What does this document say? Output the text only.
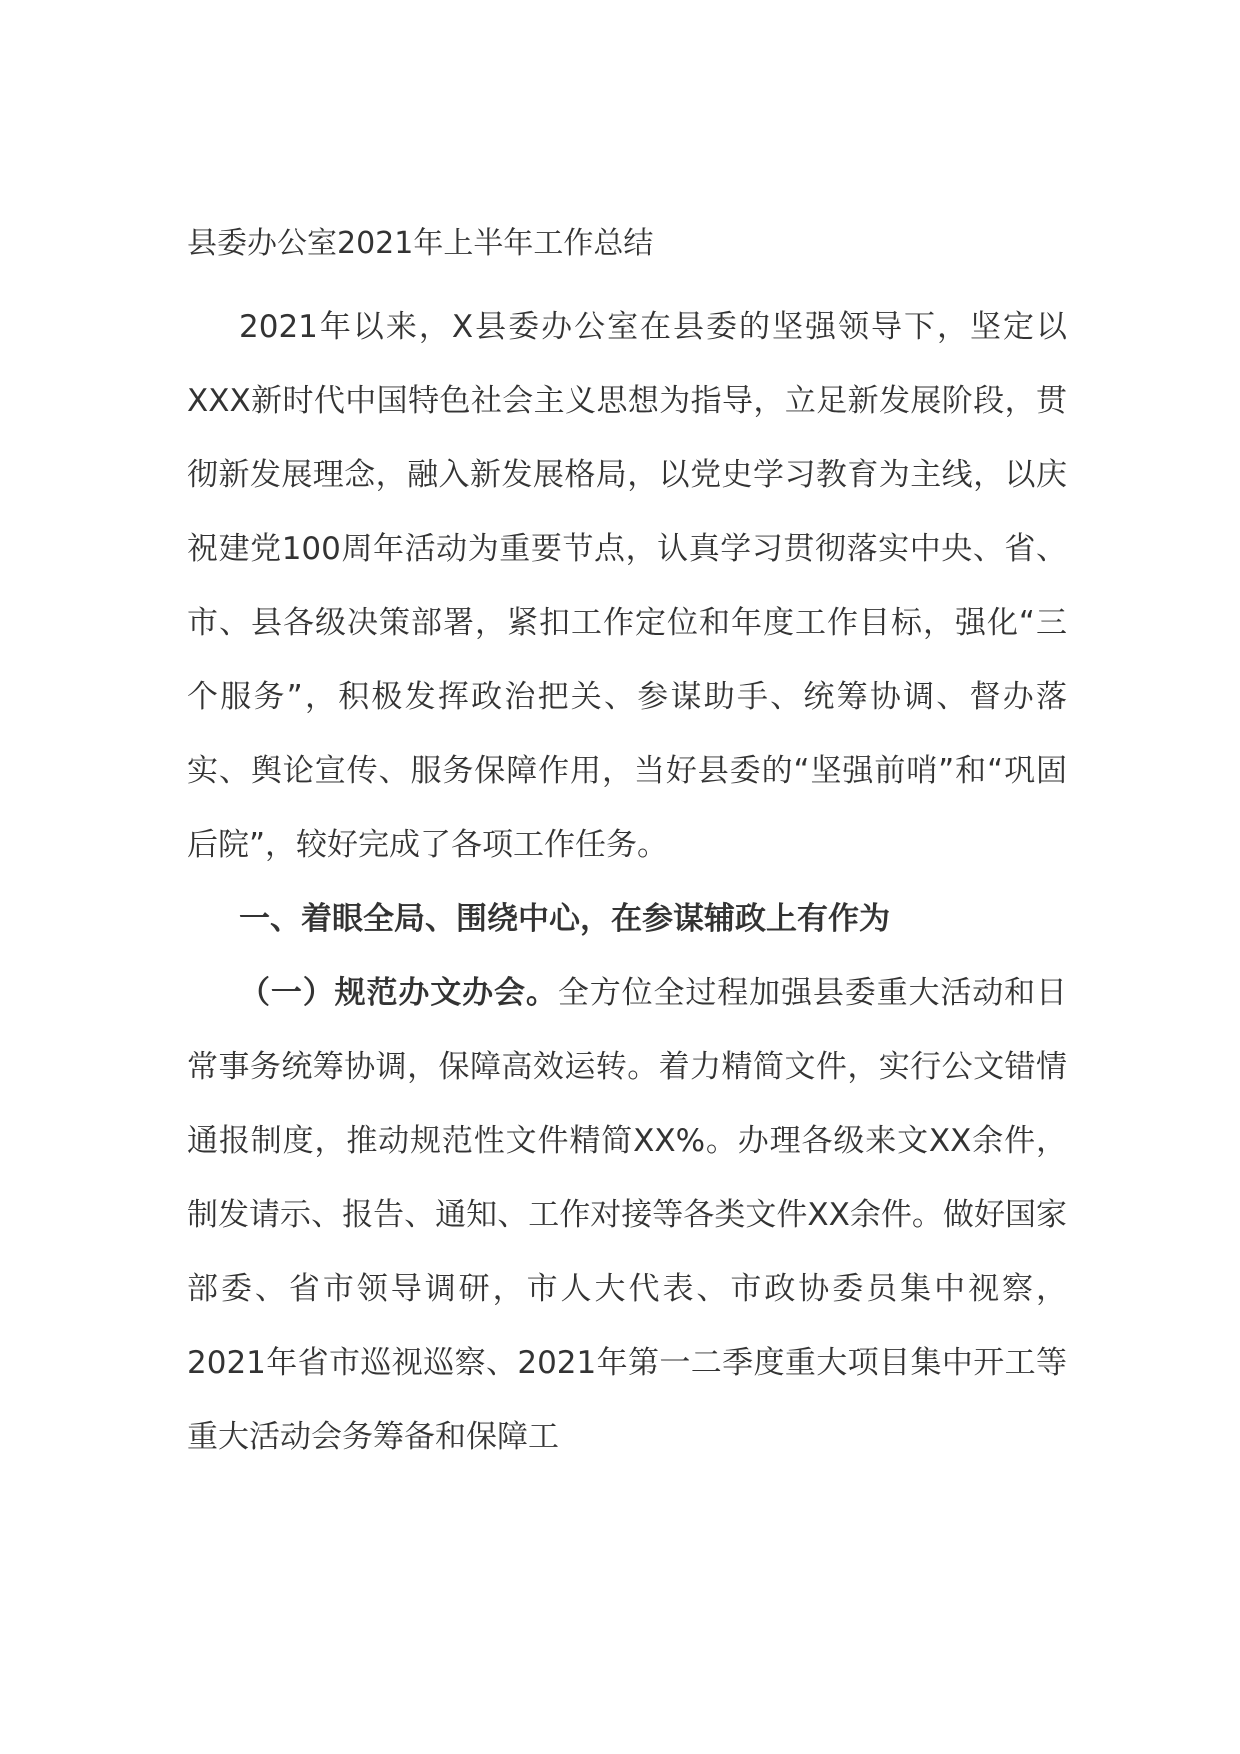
县委办公室2021年上半年工作总结

2021年以来，X县委办公室在县委的坚强领导下，坚定以XXX新时代中国特色社会主义思想为指导，立足新发展阶段，贯彻新发展理念，融入新发展格局，以党史学习教育为主线，以庆祝建党100周年活动为重要节点，认真学习贯彻落实中央、省、市、县各级决策部署，紧扣工作定位和年度工作目标，强化“三个服务”，积极发挥政治把关、参谋助手、统筹协调、督办落实、舆论宣传、服务保障作用，当好县委的“坚强前哨”和“巩固后院”，较好完成了各项工作任务。

一、着眼全局、围绕中心，在参谋辅政上有作为

（一）规范办文办会。全方位全过程加强县委重大活动和日常事务统筹协调，保障高效运转。着力精简文件，实行公文错情通报制度，推动规范性文件精简XX%。办理各级来文XX余件，制发请示、报告、通知、工作对接等各类文件XX余件。做好国家部委、省市领导调研，市人大代表、市政协委员集中视察，2021年省市巡视巡察、2021年第一二季度重大项目集中开工等重大活动会务筹备和保障工
